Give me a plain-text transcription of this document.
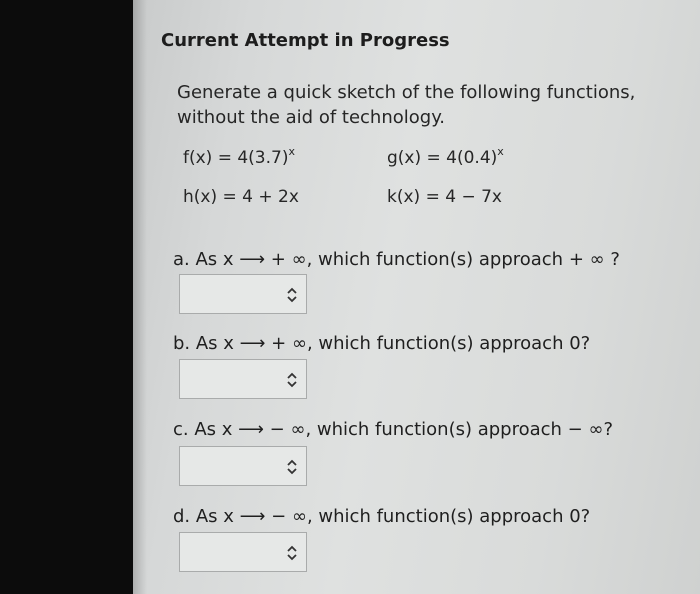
Current Attempt in Progress
Generate a quick sketch of the following functions, without the aid of technology.
$f(x) = 4(3.7)^x$	$g(x) = 4(0.4)^x$
h(x) = 4 + 2x	k(x) = 4 − 7x
a. As x ⟶ + ∞, which function(s) approach + ∞ ?
b. As x ⟶ + ∞, which function(s) approach 0?
c. As x ⟶ − ∞, which function(s) approach − ∞?
d. As x ⟶ − ∞, which function(s) approach 0?
